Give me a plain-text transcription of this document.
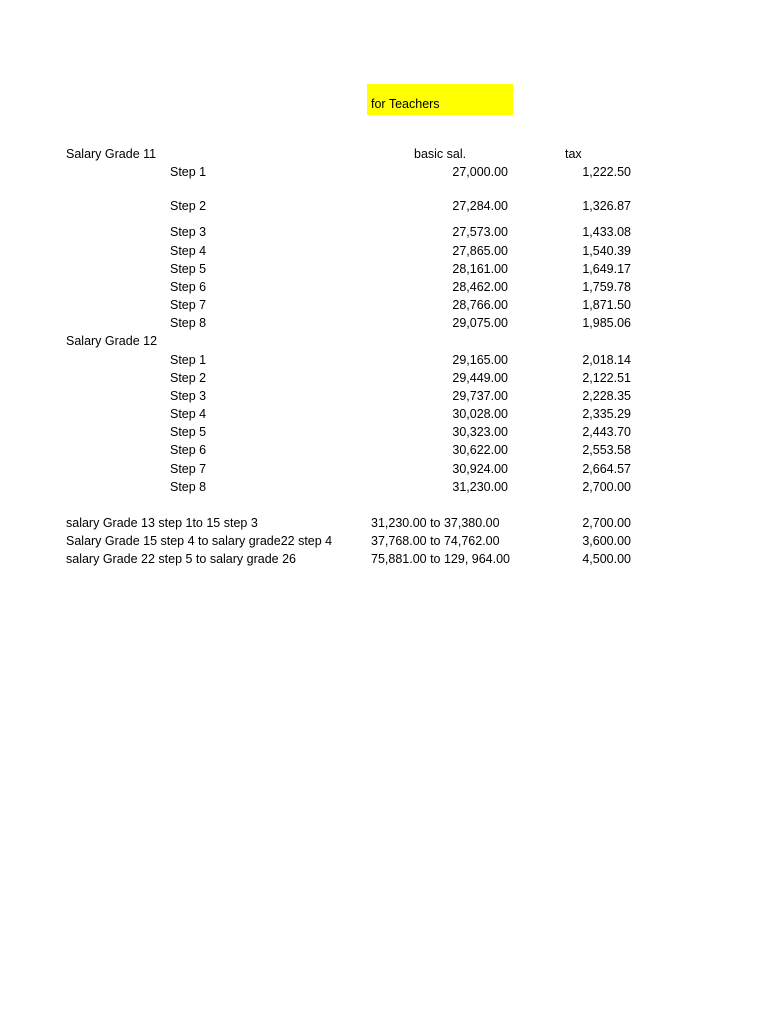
for Teachers
Salary Grade 11	basic sal.	tax
Step 1	27,000.00	1,222.50
Step 2	27,284.00	1,326.87
Step 3	27,573.00	1,433.08
Step 4	27,865.00	1,540.39
Step 5	28,161.00	1,649.17
Step 6	28,462.00	1,759.78
Step 7	28,766.00	1,871.50
Step 8	29,075.00	1,985.06
Salary Grade 12
Step 1	29,165.00	2,018.14
Step 2	29,449.00	2,122.51
Step 3	29,737.00	2,228.35
Step 4	30,028.00	2,335.29
Step 5	30,323.00	2,443.70
Step 6	30,622.00	2,553.58
Step 7	30,924.00	2,664.57
Step 8	31,230.00	2,700.00
salary Grade 13 step 1to 15 step 3	31,230.00 to 37,380.00	2,700.00
Salary Grade 15 step 4 to salary grade22 step 4	37,768.00 to 74,762.00	3,600.00
salary Grade 22 step 5 to salary grade 26	75,881.00 to 129, 964.00	4,500.00
